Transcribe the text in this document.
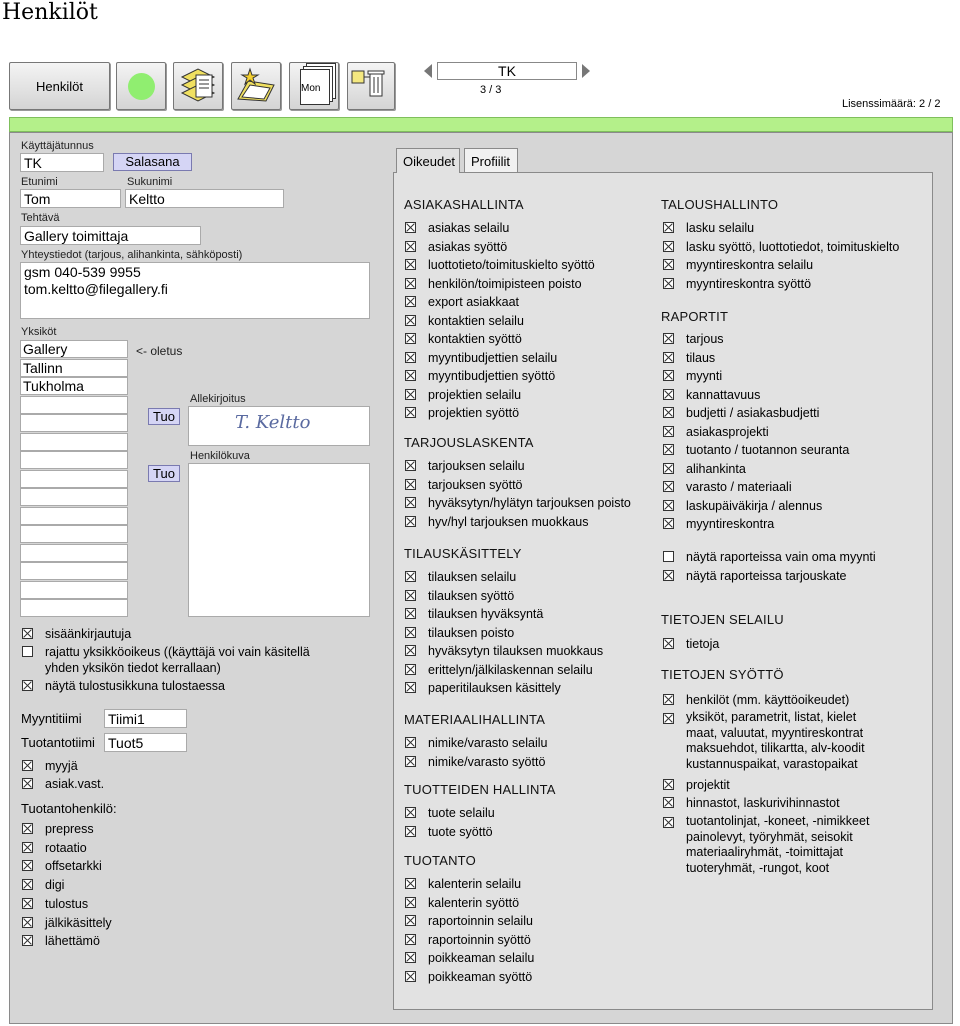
Henkilöt
Henkilöt	Mon
TK
3 / 3
Lisenssimäärä: 2 / 2
Käyttäjätunnus
TK	Salasana
Etunimi	Sukunimi
Tom	Keltto
Tehtävä
Gallery toimittaja
Yhteystiedot (tarjous, alihankinta, sähköposti)
gsm 040-539 9955
tom.keltto@filegallery.fi
Yksiköt
Gallery
Tallinn
Tukholma
<- oletus
Allekirjoitus
Tuo	T. Keltto
Henkilökuva
Tuo
sisäänkirjautuja
rajattu yksikköoikeus ((käyttäjä voi vain käsitellä
yhden yksikön tiedot kerrallaan)
näytä tulostusikkuna tulostaessa
Myyntitiimi Tiimi1
Tuotantotiimi Tuot5
myyjä
asiak.vast.
Tuotantohenkilö:
prepress
rotaatio
offsetarkki
digi
tulostus
jälkikäsittely
lähettämö
Oikeudet	Profiilit
ASIAKASHALLINTA
asiakas selailu
asiakas syöttö
luottotieto/toimituskielto syöttö
henkilön/toimipisteen poisto
export asiakkaat
kontaktien selailu
kontaktien syöttö
myyntibudjettien selailu
myyntibudjettien syöttö
projektien selailu
projektien syöttö
TARJOUSLASKENTA
tarjouksen selailu
tarjouksen syöttö
hyväksytyn/hylätyn tarjouksen poisto
hyv/hyl tarjouksen muokkaus
TILAUSKÄSITTELY
tilauksen selailu
tilauksen syöttö
tilauksen hyväksyntä
tilauksen poisto
hyväksytyn tilauksen muokkaus
erittelyn/jälkilaskennan selailu
paperitilauksen käsittely
MATERIAALIHALLINTA
nimike/varasto selailu
nimike/varasto syöttö
TUOTTEIDEN HALLINTA
tuote selailu
tuote syöttö
TUOTANTO
kalenterin selailu
kalenterin syöttö
raportoinnin selailu
raportoinnin syöttö
poikkeaman selailu
poikkeaman syöttö
TALOUSHALLINTO
lasku selailu
lasku syöttö, luottotiedot, toimituskielto
myyntireskontra selailu
myyntireskontra syöttö
RAPORTIT
tarjous
tilaus
myynti
kannattavuus
budjetti / asiakasbudjetti
asiakasprojekti
tuotanto / tuotannon seuranta
alihankinta
varasto / materiaali
laskupäiväkirja / alennus
myyntireskontra
näytä raporteissa vain oma myynti
näytä raporteissa tarjouskate
TIETOJEN SELAILU
tietoja
TIETOJEN SYÖTTÖ
henkilöt (mm. käyttöoikeudet)
yksiköt, parametrit, listat, kielet
maat, valuutat, myyntireskontrat
maksuehdot, tilikartta, alv-koodit
kustannuspaikat, varastopaikat
projektit
hinnastot, laskurivihinnastot
tuotantolinjat, -koneet, -nimikkeet
painolevyt, työryhmät, seisokit
materiaaliryhmät, -toimittajat
tuoteryhmät, -rungot, koot
